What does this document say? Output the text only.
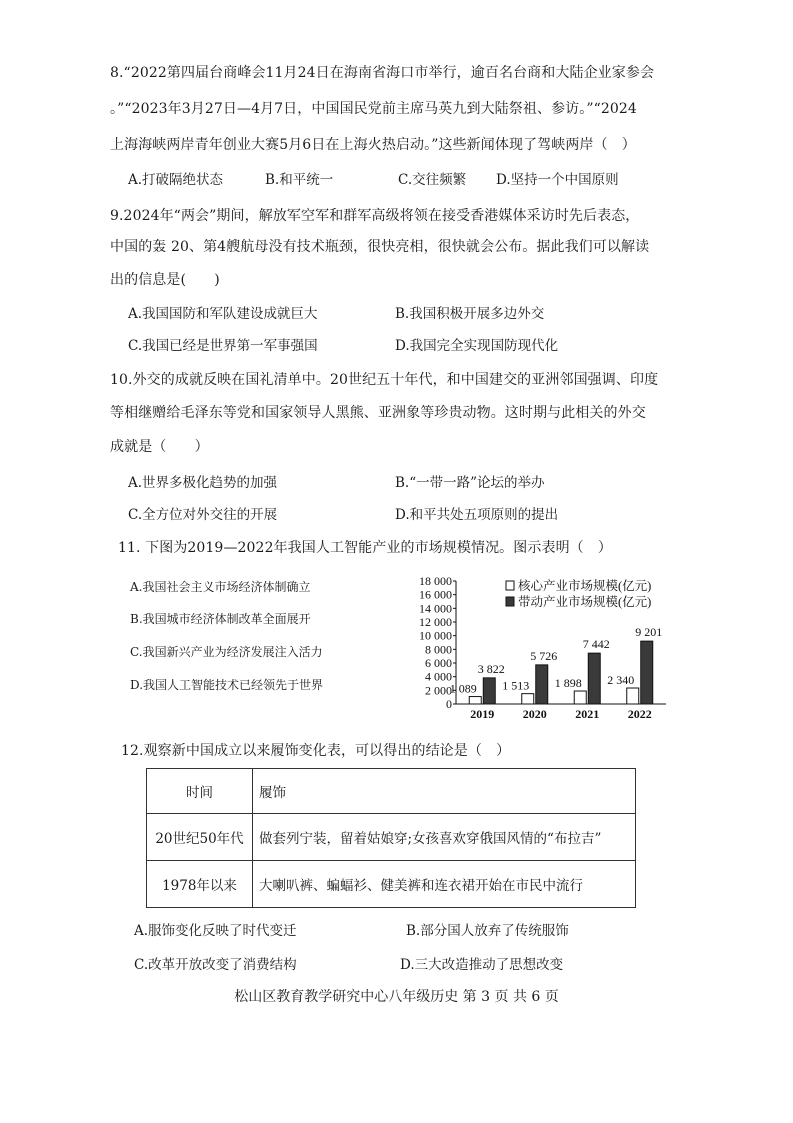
8.“2022第四届台商峰会11月24日在海南省海口市举行，逾百名台商和大陆企业家参会
。”“2023年3月27日—4月7日，中国国民党前主席马英九到大陆祭祖、参访。”“2024
上海海峡两岸青年创业大赛5月6日在上海火热启动。”这些新闻体现了驾峡两岸（　）
A.打破隔绝状态	B.和平统一	C.交往频繁 D.坚持一个中国原则
9.2024年“两会”期间，解放军空军和群军高级将领在接受香港媒体采访时先后表态，
中国的轰 20、第4艘航母没有技术瓶颈，很快亮相，很快就会公布。据此我们可以解读
出的信息是(　　)
A.我国国防和军队建设成就巨大	B.我国积极开展多边外交
C.我国已经是世界第一军事强国	D.我国完全实现国防现代化
10.外交的成就反映在国礼清单中。20世纪五十年代，和中国建交的亚洲邻国强调、印度
等相继赠给毛泽东等党和国家领导人黑熊、亚洲象等珍贵动物。这时期与此相关的外交
成就是（　　）
A.世界多极化趋势的加强	B.“一带一路”论坛的举办
C.全方位对外交往的开展	D.和平共处五项原则的提出
11. 下图为2019—2022年我国人工智能产业的市场规模情况。图示表明（　）
A.我国社会主义市场经济体制确立
B.我国城市经济体制改革全面展开
C.我国新兴产业为经济发展注入活力
D.我国人工智能技术已经领先于世界
0
2 000
4 000
6 000
8 000
10 000
12 000
14 000
16 000
18 000
1 089
3 822
2019
1 513
5 726
2020
1 898
7 442
2021
2 340
9 201
2022
核心产业市场规模(亿元)
带动产业市场规模(亿元)
12.观察新中国成立以来履饰变化表，可以得出的结论是（　）
时间	履饰
20世纪50年代	做套列宁装，留着姑娘穿;女孩喜欢穿俄国风情的“布拉吉”
1978年以来	大喇叭裤、蝙蝠衫、健美裤和连衣裙开始在市民中流行
A.服饰变化反映了时代变迁	B.部分国人放弃了传统服饰
C.改革开放改变了消费结构	D.三大改造推动了思想改变
松山区教育教学研究中心八年级历史 第 3 页 共 6 页
